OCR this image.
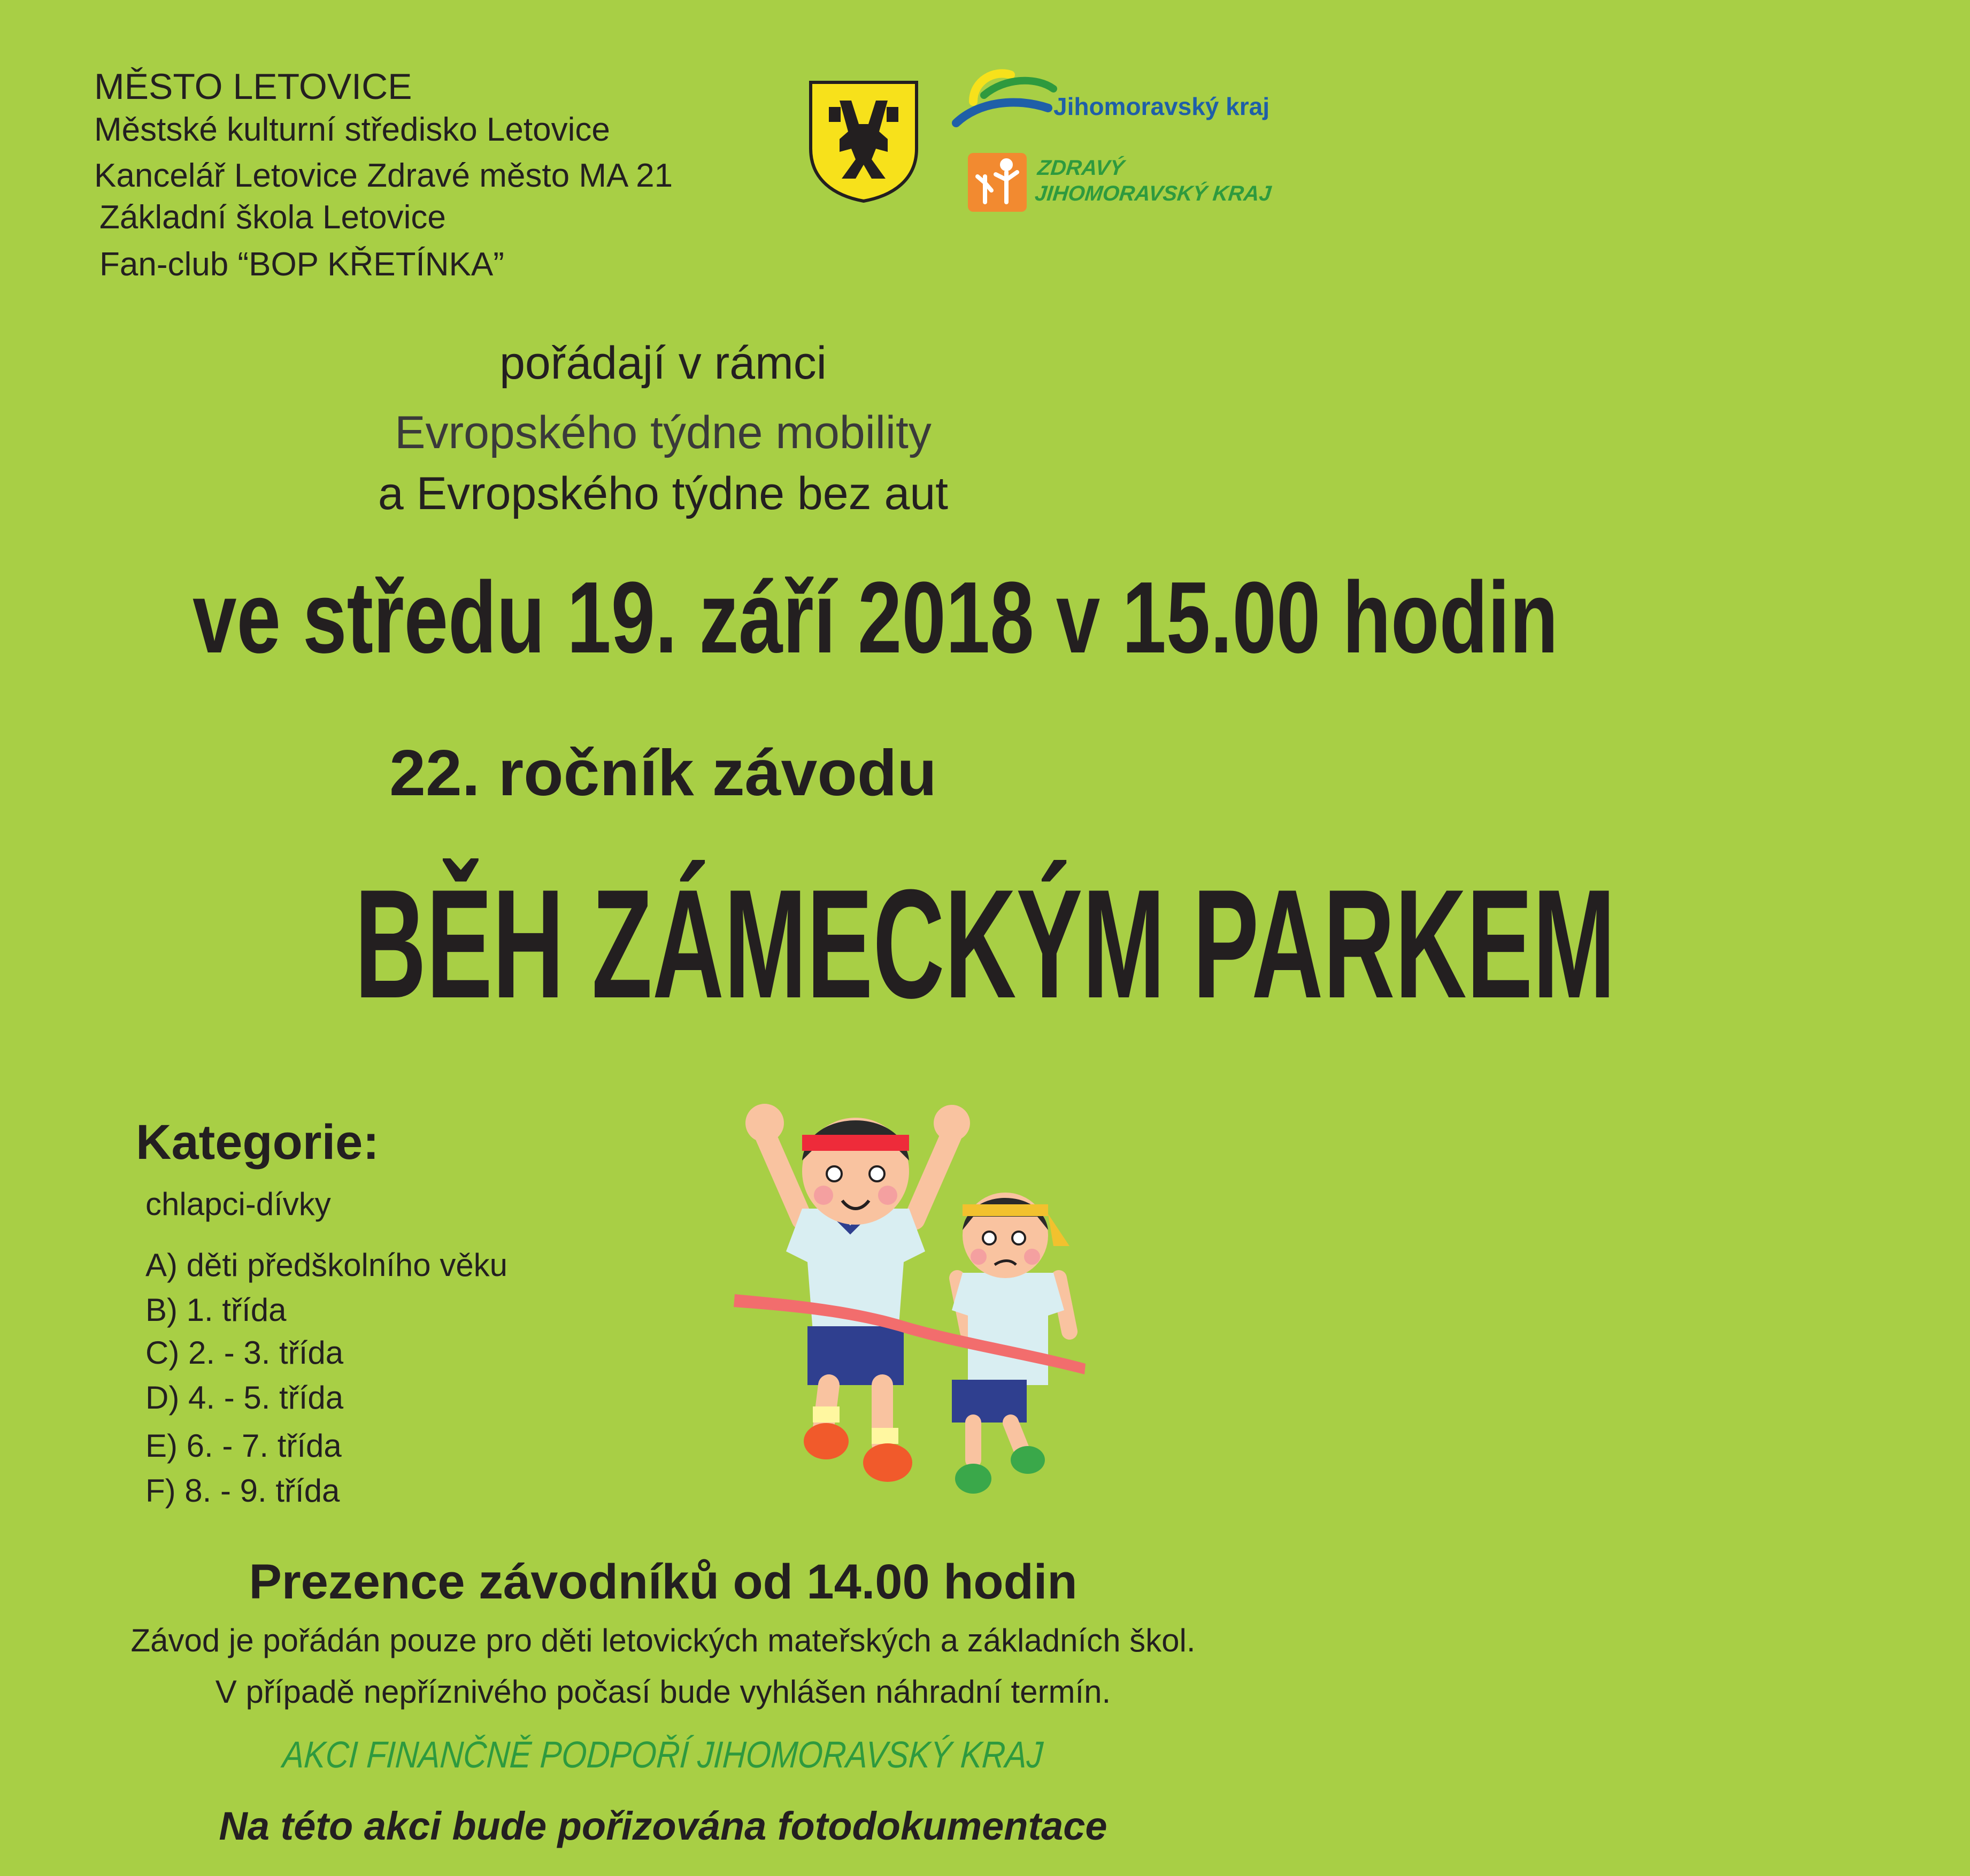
MĚSTO LETOVICE
Městské kulturní středisko Letovice
Kancelář Letovice Zdravé město MA 21
Základní škola Letovice
Fan-club “BOP KŘETÍNKA”
Jihomoravský kraj
ZDRAVÝ
JIHOMORAVSKÝ KRAJ
pořádají v rámci
Evropského týdne mobility
a Evropského týdne bez aut
ve středu 19. září 2018 v 15.00 hodin
22. ročník závodu
BĚH ZÁMECKÝM PARKEM
Kategorie:
chlapci-dívky
A) děti předškolního věku
B) 1. třída
C) 2. - 3. třída
D) 4. - 5. třída
E) 6. - 7. třída
F) 8. - 9. třída
Prezence závodníků od 14.00 hodin
Závod je pořádán pouze pro děti letovických mateřských a základních škol.
V případě nepříznivého počasí bude vyhlášen náhradní termín.
AKCI FINANČNĚ PODPOŘÍ JIHOMORAVSKÝ KRAJ
Na této akci bude pořizována fotodokumentace
